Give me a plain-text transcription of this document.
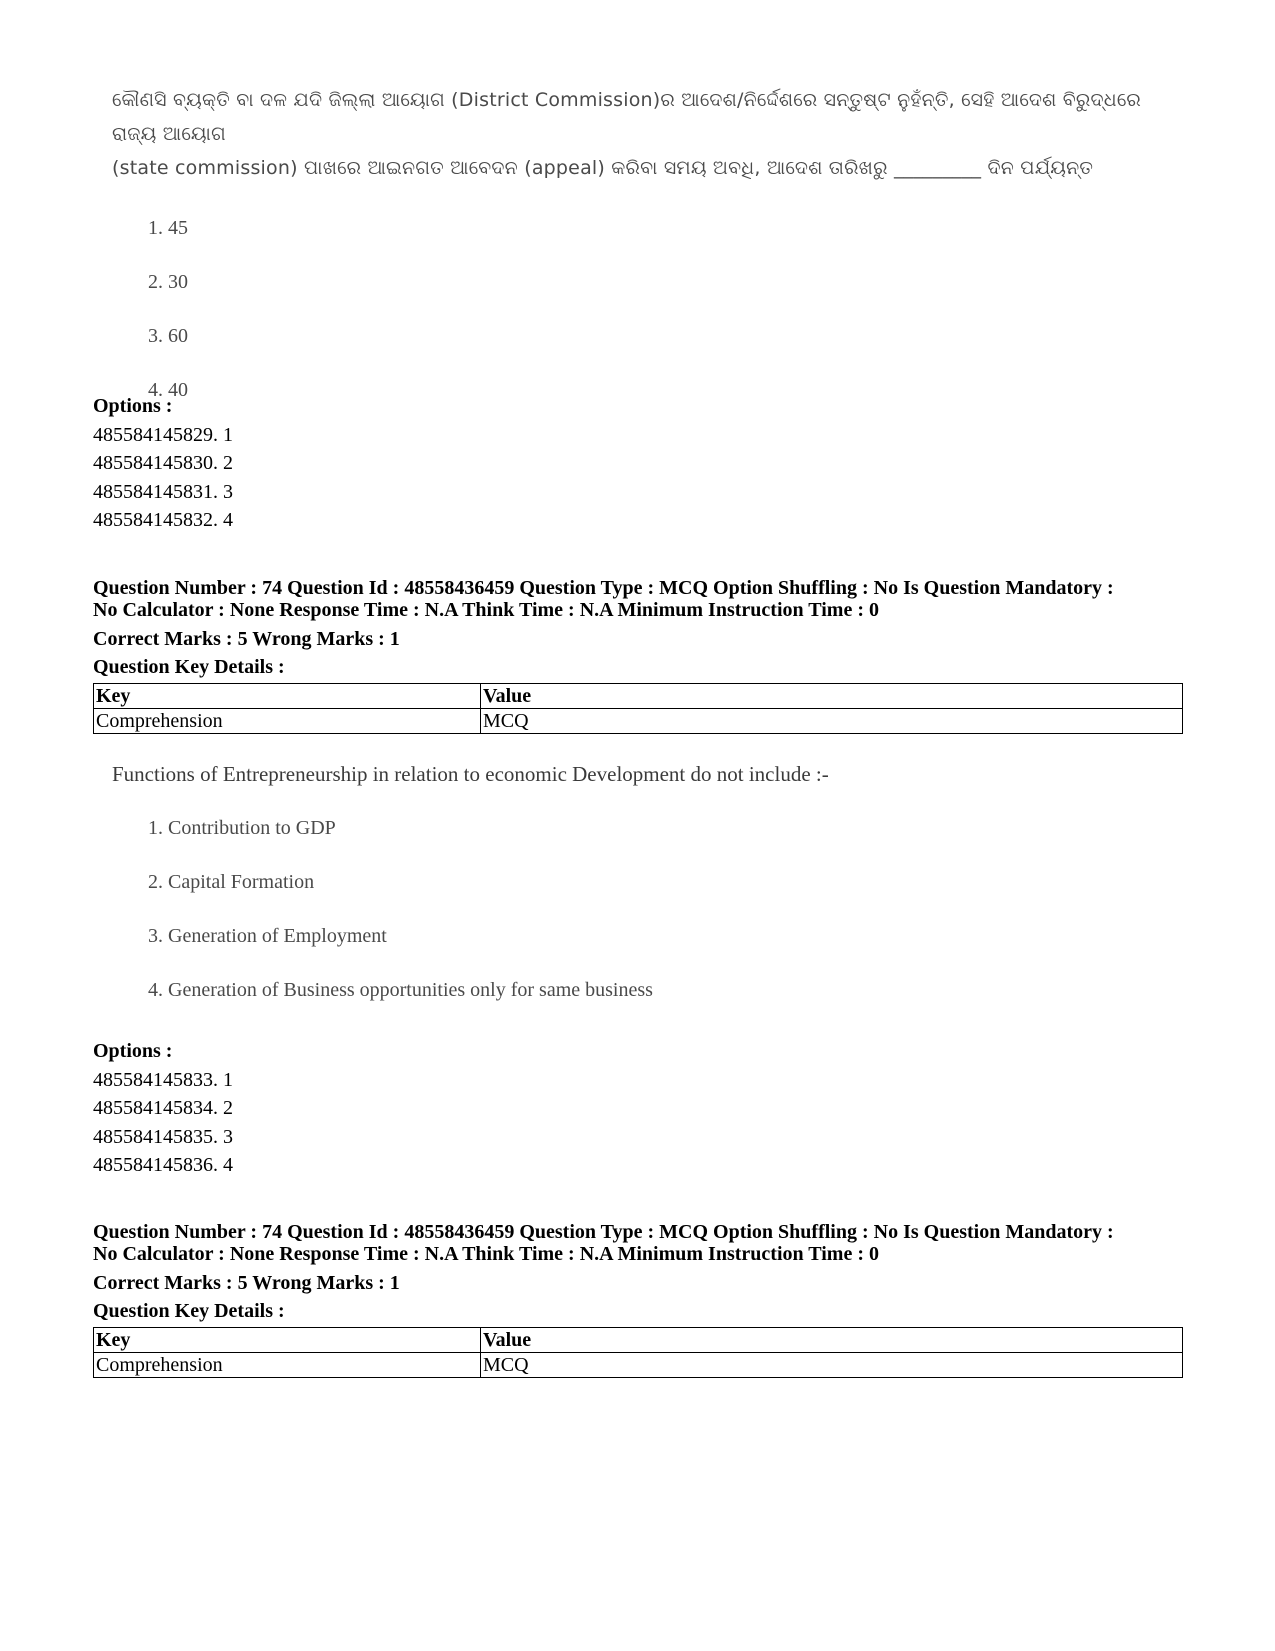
କୌଣସି ବ୍ୟକ୍ତି ବା ଦଳ ଯଦି ଜିଲ୍ଲା ଆୟୋଗ (District Commission)ର ଆଦେଶ/ନିର୍ଦ୍ଦେଶରେ ସନ୍ତୁଷ୍ଟ ନୁହଁନ୍ତି, ସେହି ଆଦେଶ ବିରୁଦ୍ଧରେ ରାଜ୍ୟ ଆୟୋଗ
(state commission) ପାଖରେ ଆଇନଗତ ଆବେଦନ (appeal) କରିବା ସମୟ ଅବଧି, ଆଦେଶ ତାରିଖରୁ _________ ଦିନ ପର୍ଯ୍ୟନ୍ତ
1. 45
2. 30
3. 60
4. 40
Options :
485584145829. 1
485584145830. 2
485584145831. 3
485584145832. 4
Question Number : 74 Question Id : 48558436459 Question Type : MCQ Option Shuffling : No Is Question Mandatory :
No Calculator : None Response Time : N.A Think Time : N.A Minimum Instruction Time : 0
Correct Marks : 5 Wrong Marks : 1
Question Key Details :
Key	Value
Comprehension	MCQ
Functions of Entrepreneurship in relation to economic Development do not include :-
1. Contribution to GDP
2. Capital Formation
3. Generation of Employment
4. Generation of Business opportunities only for same business
Options :
485584145833. 1
485584145834. 2
485584145835. 3
485584145836. 4
Question Number : 74 Question Id : 48558436459 Question Type : MCQ Option Shuffling : No Is Question Mandatory :
No Calculator : None Response Time : N.A Think Time : N.A Minimum Instruction Time : 0
Correct Marks : 5 Wrong Marks : 1
Question Key Details :
Key	Value
Comprehension	MCQ
